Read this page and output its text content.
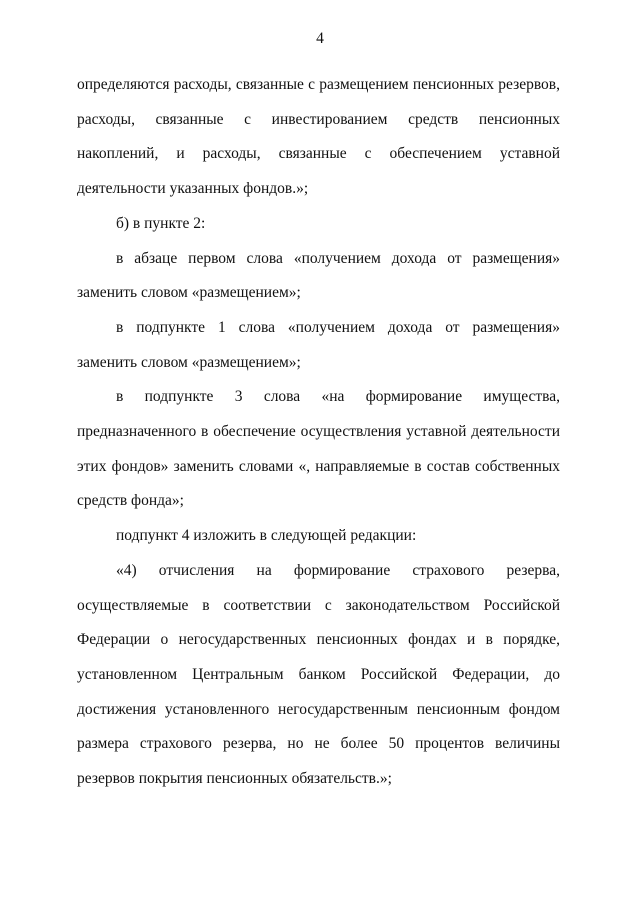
4

определяются расходы, связанные с размещением пенсионных резервов, расходы, связанные с инвестированием средств пенсионных накоплений, и расходы, связанные с обеспечением уставной деятельности указанных фондов.»;

б) в пункте 2:

в абзаце первом слова «получением дохода от размещения» заменить словом «размещением»;

в подпункте 1 слова «получением дохода от размещения» заменить словом «размещением»;

в подпункте 3 слова «на формирование имущества, предназначенного в обеспечение осуществления уставной деятельности этих фондов» заменить словами «, направляемые в состав собственных средств фонда»;

подпункт 4 изложить в следующей редакции:

«4) отчисления на формирование страхового резерва, осуществляемые в соответствии с законодательством Российской Федерации о негосударственных пенсионных фондах и в порядке, установленном Центральным банком Российской Федерации, до достижения установленного негосударственным пенсионным фондом размера страхового резерва, но не более 50 процентов величины резервов покрытия пенсионных обязательств.»;
